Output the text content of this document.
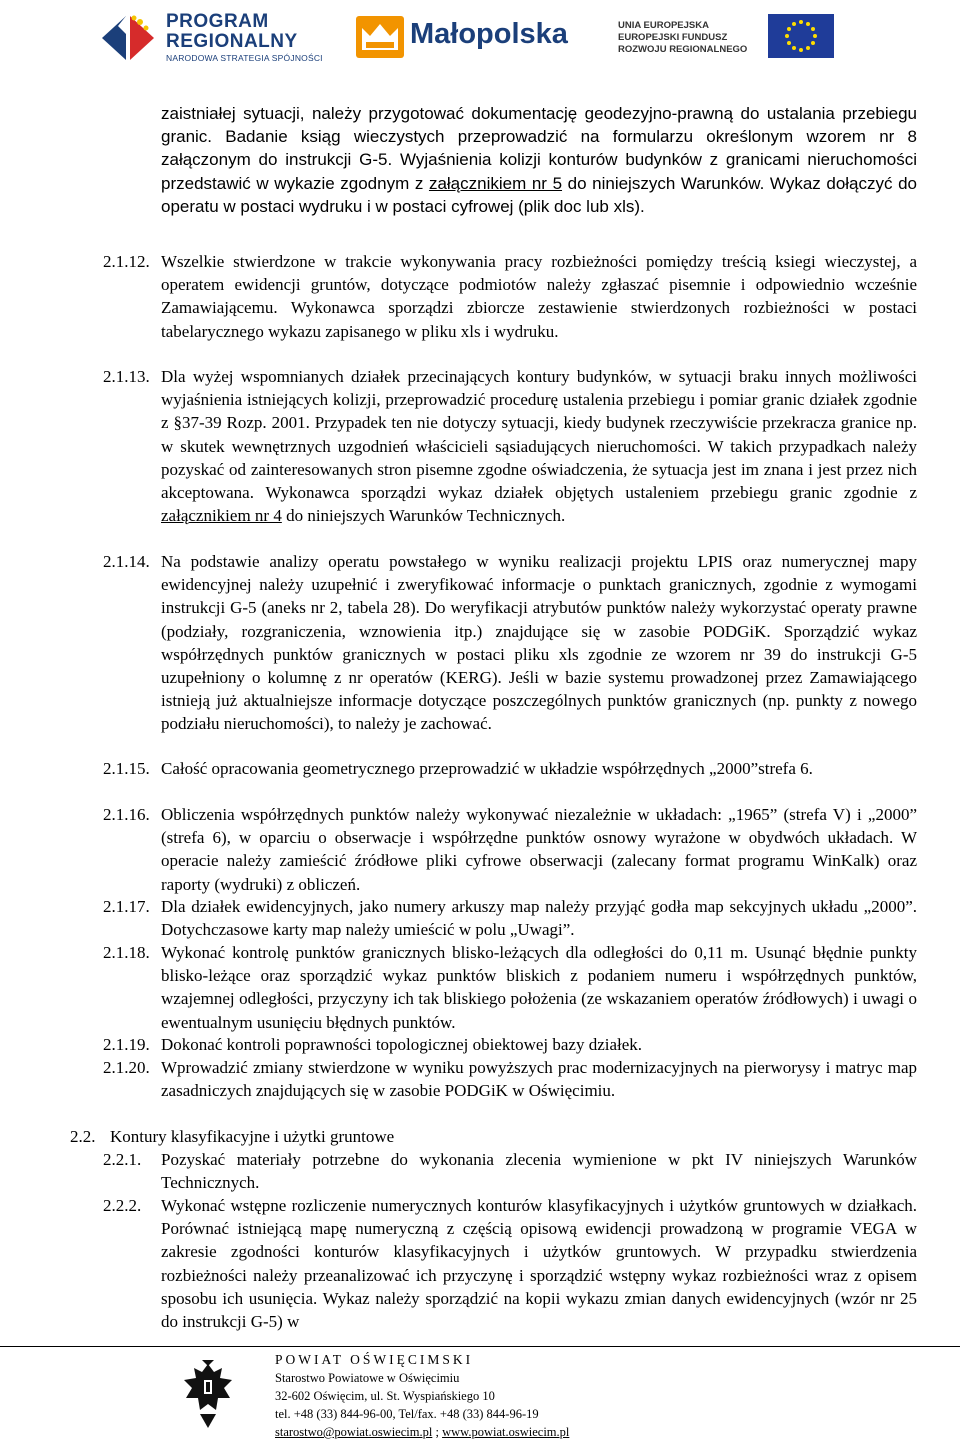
PROGRAM
REGIONALNY
NARODOWA STRATEGIA SPÓJNOŚCI
Małopolska	UNIA EUROPEJSKA
EUROPEJSKI FUNDUSZ
ROZWOJU REGIONALNEGO

zaistniałej sytuacji, należy przygotować dokumentację geodezyjno-prawną do ustalania przebiegu granic. Badanie ksiąg wieczystych przeprowadzić na formularzu określonym wzorem nr 8 załączonym do instrukcji G-5. Wyjaśnienia kolizji konturów budynków z granicami nieruchomości przedstawić w wykazie zgodnym z załącznikiem nr 5 do niniejszych Warunków. Wykaz dołączyć do operatu w postaci wydruku i w postaci cyfrowej (plik doc lub xls).

2.1.12. Wszelkie stwierdzone w trakcie wykonywania pracy rozbieżności pomiędzy treścią ksiegi wieczystej, a operatem ewidencji gruntów, dotyczące podmiotów należy zgłaszać pisemnie i odpowiednio wcześnie Zamawiającemu. Wykonawca sporządzi zbiorcze zestawienie stwierdzonych rozbieżności w postaci tabelarycznego wykazu zapisanego w pliku xls i wydruku.

2.1.13. Dla wyżej wspomnianych działek przecinających kontury budynków, w sytuacji braku innych możliwości wyjaśnienia istniejących kolizji, przeprowadzić procedurę ustalenia przebiegu i pomiar granic działek zgodnie z §37-39 Rozp. 2001. Przypadek ten nie dotyczy sytuacji, kiedy budynek rzeczywiście przekracza granice np. w skutek wewnętrznych uzgodnień właścicieli sąsiadujących nieruchomości. W takich przypadkach należy pozyskać od zainteresowanych stron pisemne zgodne oświadczenia, że sytuacja jest im znana i jest przez nich akceptowana. Wykonawca sporządzi wykaz działek objętych ustaleniem przebiegu granic zgodnie z załącznikiem nr 4 do niniejszych Warunków Technicznych.

2.1.14. Na podstawie analizy operatu powstałego w wyniku realizacji projektu LPIS oraz numerycznej mapy ewidencyjnej należy uzupełnić i zweryfikować informacje o punktach granicznych, zgodnie z wymogami instrukcji G-5 (aneks nr 2, tabela 28). Do weryfikacji atrybutów punktów należy wykorzystać operaty prawne (podziały, rozgraniczenia, wznowienia itp.) znajdujące się w zasobie PODGiK. Sporządzić wykaz współrzędnych punktów granicznych w postaci pliku xls zgodnie ze wzorem nr 39 do instrukcji G-5 uzupełniony o kolumnę z nr operatów (KERG). Jeśli w bazie systemu prowadzonej przez Zamawiającego istnieją już aktualniejsze informacje dotyczące poszczególnych punktów granicznych (np. punkty z nowego podziału nieruchomości), to należy je zachować.

2.1.15. Całość opracowania geometrycznego przeprowadzić w układzie współrzędnych „2000”strefa 6.

2.1.16. Obliczenia współrzędnych punktów należy wykonywać niezależnie w układach: „1965” (strefa V) i „2000” (strefa 6), w oparciu o obserwacje i współrzędne punktów osnowy wyrażone w obydwóch układach. W operacie należy zamieścić źródłowe pliki cyfrowe obserwacji (zalecany format programu WinKalk) oraz raporty (wydruki) z obliczeń.

2.1.17. Dla działek ewidencyjnych, jako numery arkuszy map należy przyjąć godła map sekcyjnych układu „2000”. Dotychczasowe karty map należy umieścić w polu „Uwagi”.

2.1.18. Wykonać kontrolę punktów granicznych blisko-leżących dla odległości do 0,11 m. Usunąć błędnie punkty blisko-leżące oraz sporządzić wykaz punktów bliskich z podaniem numeru i współrzędnych punktów, wzajemnej odległości, przyczyny ich tak bliskiego położenia (ze wskazaniem operatów źródłowych) i uwagi o ewentualnym usunięciu błędnych punktów.

2.1.19. Dokonać kontroli poprawności topologicznej obiektowej bazy działek.

2.1.20. Wprowadzić zmiany stwierdzone w wyniku powyższych prac modernizacyjnych na pierworysy i matryc map zasadniczych znajdujących się w zasobie PODGiK w Oświęcimiu.

2.2. Kontury klasyfikacyjne i użytki gruntowe
2.2.1. Pozyskać materiały potrzebne do wykonania zlecenia wymienione w pkt IV niniejszych Warunków Technicznych.

2.2.2. Wykonać wstępne rozliczenie numerycznych konturów klasyfikacyjnych i użytków gruntowych w działkach. Porównać istniejącą mapę numeryczną z częścią opisową ewidencji prowadzoną w programie VEGA w zakresie zgodności konturów klasyfikacyjnych i użytków gruntowych. W przypadku stwierdzenia rozbieżności należy przeanalizować ich przyczynę i sporządzić wstępny wykaz rozbieżności wraz z opisem sposobu ich usunięcia. Wykaz należy sporządzić na kopii wykazu zmian danych ewidencyjnych (wzór nr 25 do instrukcji G-5) w

POWIAT OŚWIĘCIMSKI
Starostwo Powiatowe w Oświęcimiu
32-602 Oświęcim, ul. St. Wyspiańskiego 10
tel. +48 (33) 844-96-00, Tel/fax. +48 (33) 844-96-19
starostwo@powiat.oswiecim.pl ; www.powiat.oswiecim.pl
